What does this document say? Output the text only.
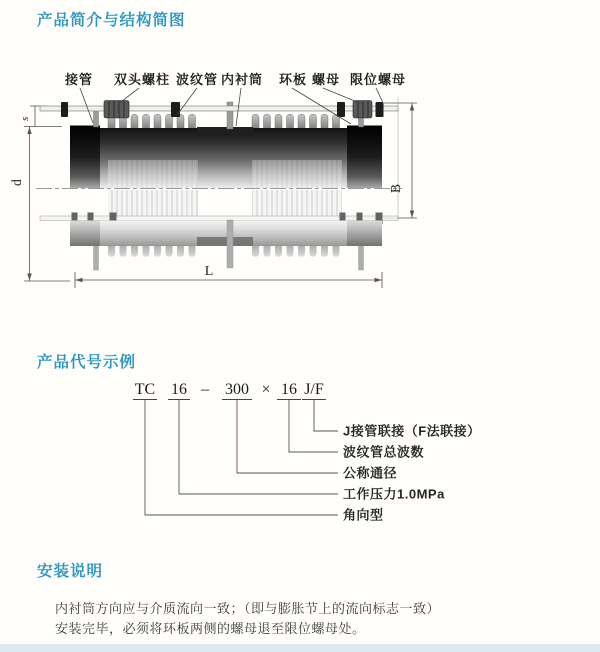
产品简介与结构简图
s
d
B
L
接管 双头螺柱 波纹管 内衬筒 环板 螺母 限位螺母
产品代号示例
TC 16 – 300 × 16 J/F
J接管联接（F法联接）
波纹管总波数
公称通径
工作压力1.0MPa
角向型
安装说明
内衬筒方向应与介质流向一致；（即与膨胀节上的流向标志一致）
安装完毕，必须将环板两侧的螺母退至限位螺母处。
